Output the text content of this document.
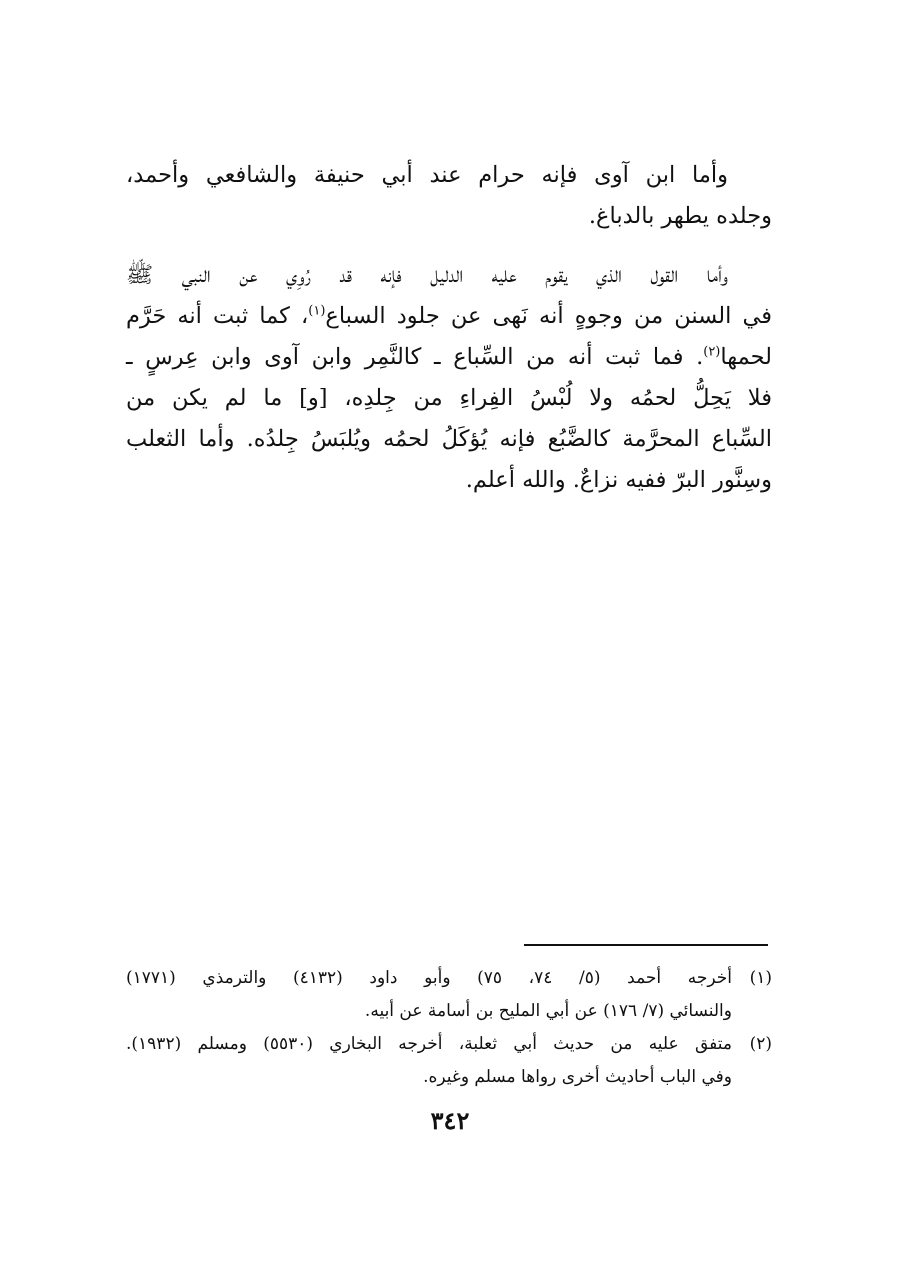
وأما ابن آوى فإنه حرام عند أبي حنيفة والشافعي وأحمد،
وجلده يطهر بالدباغ.

وأما القول الذي يقوم عليه الدليل فإنه قد رُوِي عن النبي ﷺ
في السنن من وجوهٍ أنه نَهى عن جلود السباع$^{(١)}$، كما ثبت أنه حَرَّم
لحمها$^{(٢)}$. فما ثبت أنه من السِّباع ـ كالنَّمِر وابن آوى وابن عِرسٍ ـ
فلا يَحِلُّ لحمُه ولا لُبْسُ الفِراءِ من جِلدِه، [و] ما لم يكن من
السِّباع المحرَّمة كالضَّبُع فإنه يُؤكَلُ لحمُه ويُلبَسُ جِلدُه. وأما الثعلب
وسِنَّور البرّ ففيه نزاعٌ. والله أعلم.

(١)
أخرجه أحمد (٥/ ٧٤، ٧٥) وأبو داود (٤١٣٢) والترمذي (١٧٧١)
والنسائي (٧/ ١٧٦) عن أبي المليح بن أسامة عن أبيه.
(٢)
متفق عليه من حديث أبي ثعلبة، أخرجه البخاري (٥٥٣٠) ومسلم (١٩٣٢).
وفي الباب أحاديث أخرى رواها مسلم وغيره.
٣٤٢
